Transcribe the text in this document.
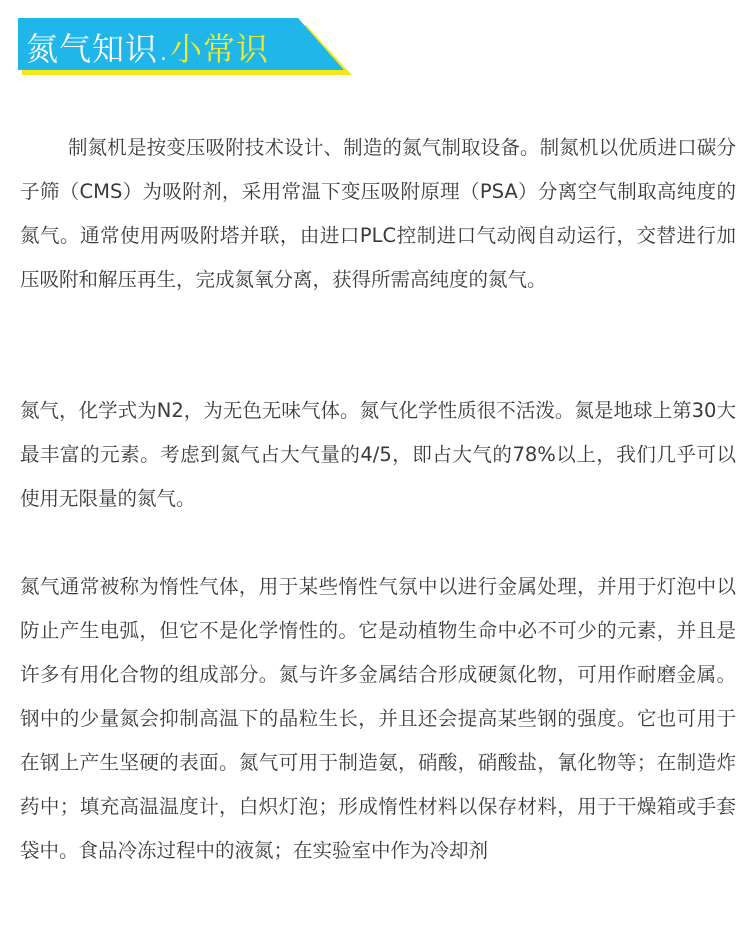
氮气知识.小常识

制氮机是按变压吸附技术设计、制造的氮气制取设备。制氮机以优质进口碳分子筛（CMS）为吸附剂，采用常温下变压吸附原理（PSA）分离空气制取高纯度的氮气。通常使用两吸附塔并联，由进口PLC控制进口气动阀自动运行，交替进行加压吸附和解压再生，完成氮氧分离，获得所需高纯度的氮气。

氮气，化学式为N2，为无色无味气体。氮气化学性质很不活泼。氮是地球上第30大最丰富的元素。考虑到氮气占大气量的4/5，即占大气的78%以上，我们几乎可以使用无限量的氮气。

氮气通常被称为惰性气体，用于某些惰性气氛中以进行金属处理，并用于灯泡中以防止产生电弧，但它不是化学惰性的。它是动植物生命中必不可少的元素，并且是许多有用化合物的组成部分。氮与许多金属结合形成硬氮化物，可用作耐磨金属。钢中的少量氮会抑制高温下的晶粒生长，并且还会提高某些钢的强度。它也可用于在钢上产生坚硬的表面。氮气可用于制造氨，硝酸，硝酸盐，氰化物等；在制造炸药中；填充高温温度计，白炽灯泡；形成惰性材料以保存材料，用于干燥箱或手套袋中。食品冷冻过程中的液氮；在实验室中作为冷却剂
